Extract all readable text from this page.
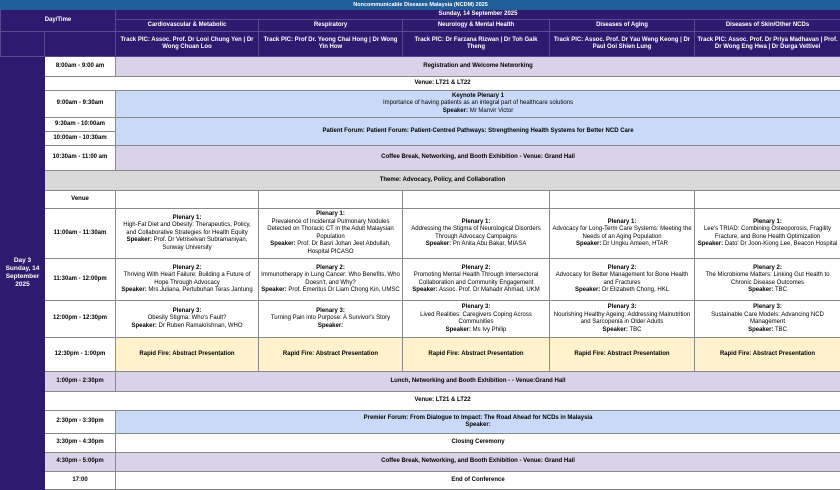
Noncommunicable Diseases Malaysia (NCDM) 2025						
Day/Time		Sunday, 14 September 2025				
		Cardiovascular & Metabolic	Respiratory	Neurology & Mental Health	Diseases of Aging	Diseases of Skin/Other NCDs
		Track PIC: Assoc. Prof. Dr Looi Chung Yen | Dr Wong Chuan Loo	Track PIC: Prof Dr. Yeong Chai Hong | Dr Wong Yin How	Track PIC: Dr Farzana Rizwan | Dr Toh Gaik Theng	Track PIC: Assoc. Prof. Dr Yau Weng Keong | Dr Paul Ooi Shien Lung	Track PIC: Assoc. Prof. Dr Priya Madhavan | Prof. Dr Wong Eng Hwa | Dr Durga Vettivel
Day 3
Sunday, 14 September 2025	8:00am - 9:00 am	Registration and Welcome Networking				
	Venue: LT21 & LT22					
	9:00am - 9:30am	Keynote Plenary 1
Importance of having patients as an integral part of healthcare solutions
Speaker: Mr Manvir Victor				
	9:30am - 10:00am	Patient Forum: Patient Forum: Patient-Centred Pathways: Strengthening Health Systems for Better NCD Care				
	10:00am - 10:30am					
	10:30am - 11:00 am	Coffee Break, Networking, and Booth Exhibition - Venue: Grand Hall				
	Theme: Advocacy, Policy, and Collaboration					
	Venue					
	11:00am - 11:30am	Plenary 1:
High-Fat Diet and Obesity: Therapeutics, Policy, and Collaborative Strategies for Health Equity
Speaker: Prof. Dr Vetriselvan Subramaniyan, Sunway University	Plenary 1:
Prevalence of Incidental Pulmonary Nodules Detected on Thoracic CT in the Adult Malaysian Population
Speaker: Prof. Dr Basri Johan Jeet Abdullah, Hospital PICASO	Plenary 1:
Addressing the Stigma of Neurological Disorders Through Advocacy Campaigns
Speaker: Pn Anita Abu Bakar, MIASA	Plenary 1:
Advocacy for Long-Term Care Systems: Meeting the Needs of an Aging Population
Speaker: Dr Ungku Ameen, HTAR	Plenary 1:
Lee's TRIAD: Combining Osteoporosis, Fragility Fracture, and Bone Health Optimization
Speaker: Dato' Dr Joon-Kiong Lee, Beacon Hospital
	11:30am - 12:00pm	Plenary 2:
Thriving With Heart Failure: Building a Future of Hope Through Advocacy
Speaker: Mrs Juliana, Pertubuhan Teras Jantung	Plenary 2:
Immunotherapy in Lung Cancer: Who Benefits, Who Doesn't, and Why?
Speaker: Prof. Emeritus Dr Liam Chong Kin, UMSC	Plenary 2:
Promoting Mental Health Through Intersectoral Collaboration and Community Engagement
Speaker: Assoc. Prof. Dr Mahadir Ahmad, UKM	Plenary 2:
Advocacy for Better Management for Bone Health and Fractures
Speaker: Dr Elizabeth Chong, HKL	Plenary 2:
The Microbiome Matters: Linking Gut Health to Chronic Disease Outcomes
Speaker: TBC
	12:00pm - 12:30pm	Plenary 3:
Obesity Stigma: Who's Fault?
Speaker: Dr Ruben Ramakrishnan, WHO	Plenary 3:
Turning Pain into Purpose: A Survivor's Story
Speaker:	Plenary 3:
Lived Realities: Caregivers Coping Across Communities
Speaker: Ms Ivy Philip	Plenary 3:
Nourishing Healthy Ageing: Addressing Malnutrition and Sarcopenia in Older Adults
Speaker: TBC	Plenary 3:
Sustainable Care Models: Advancing NCD Management
Speaker: TBC
	12:30pm - 1:00pm	Rapid Fire: Abstract Presentation	Rapid Fire: Abstract Presentation	Rapid Fire: Abstract Presentation	Rapid Fire: Abstract Presentation	Rapid Fire: Abstract Presentation
	1:00pm - 2:30pm	Lunch, Networking and Booth Exhibition - - Venue:Grand Hall				
	Venue: LT21 & LT22					
	2:30pm - 3:30pm	Premier Forum: From Dialogue to Impact: The Road Ahead for NCDs in Malaysia
Speaker:				
	3:30pm - 4:30pm	Closing Ceremony				
	4:30pm - 5:00pm	Coffee Break, Networking, and Booth Exhibition - Venue: Grand Hall				
	17:00	End of Conference				
